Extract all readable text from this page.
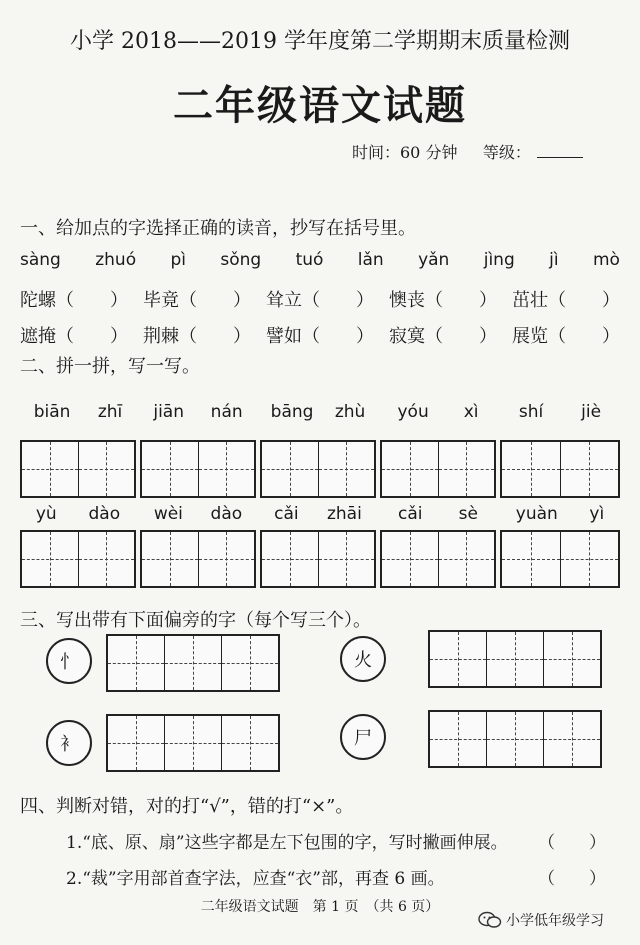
小学 2018——2019 学年度第二学期期末质量检测
二年级语文试题
时间：60 分钟 等级：
一、给加点的字选择正确的读音，抄写在括号里。
sàng zhuó pì sǒng tuó lǎn yǎn jìng jì mò
陀螺（　　） 毕竟（　　） 耸立（　　） 懊丧（　　） 茁壮（　　）
遮掩（　　） 荆棘（　　） 譬如（　　） 寂寞（　　） 展览（　　）
二、拼一拼，写一写。
biān zhī jiān nán bāng zhù yóu xì shí jiè
yù dào wèi dào cǎi zhāi cǎi sè yuàn yì
三、写出带有下面偏旁的字（每个写三个）。
忄	火
衤	尸
四、判断对错，对的打“√”，错的打“×”。
1.“底、原、扇”这些字都是左下包围的字，写时撇画伸展。 （　　）
2.“裁”字用部首查字法，应查“衣”部，再查 6 画。	（　　）
二年级语文试题　第 1 页　（共 6 页）
小学低年级学习
